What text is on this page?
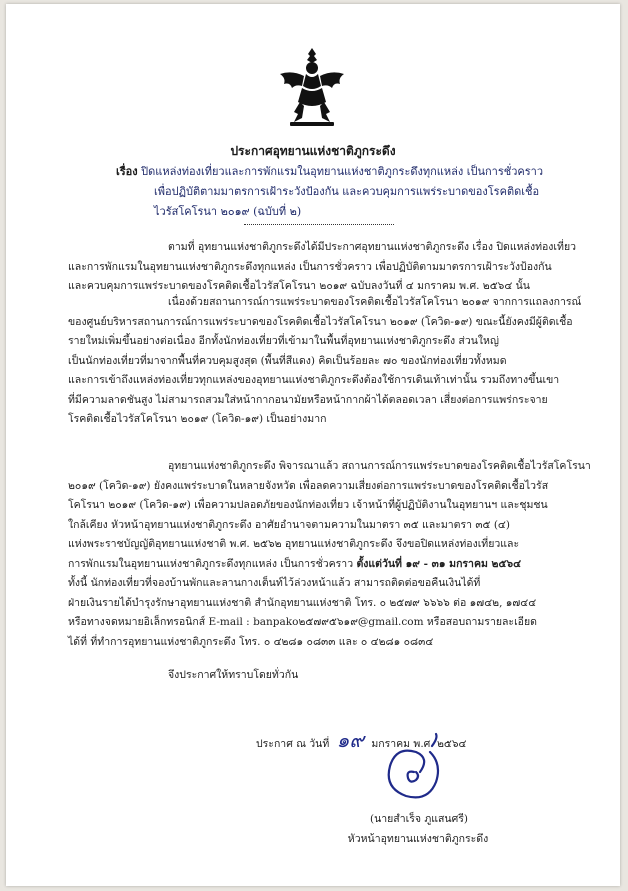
ประกาศอุทยานแห่งชาติภูกระดึง
เรื่อง ปิดแหล่งท่องเที่ยวและการพักแรมในอุทยานแห่งชาติภูกระดึงทุกแหล่ง เป็นการชั่วคราว
เพื่อปฏิบัติตามมาตรการเฝ้าระวังป้องกัน และควบคุมการแพร่ระบาดของโรคติดเชื้อ
ไวรัสโคโรนา ๒๐๑๙ (ฉบับที่ ๒)
ตามที่ อุทยานแห่งชาติภูกระดึงได้มีประกาศอุทยานแห่งชาติภูกระดึง เรื่อง ปิดแหล่งท่องเที่ยว
และการพักแรมในอุทยานแห่งชาติภูกระดึงทุกแหล่ง เป็นการชั่วคราว เพื่อปฏิบัติตามมาตรการเฝ้าระวังป้องกัน
และควบคุมการแพร่ระบาดของโรคติดเชื้อไวรัสโคโรนา ๒๐๑๙ ฉบับลงวันที่ ๔ มกราคม พ.ศ. ๒๕๖๔ นั้น
เนื่องด้วยสถานการณ์การแพร่ระบาดของโรคติดเชื้อไวรัสโคโรนา ๒๐๑๙ จากการแถลงการณ์
ของศูนย์บริหารสถานการณ์การแพร่ระบาดของโรคติดเชื้อไวรัสโคโรนา ๒๐๑๙ (โควิด-๑๙) ขณะนี้ยังคงมีผู้ติดเชื้อ
รายใหม่เพิ่มขึ้นอย่างต่อเนื่อง อีกทั้งนักท่องเที่ยวที่เข้ามาในพื้นที่อุทยานแห่งชาติภูกระดึง ส่วนใหญ่
เป็นนักท่องเที่ยวที่มาจากพื้นที่ควบคุมสูงสุด (พื้นที่สีแดง) คิดเป็นร้อยละ ๗๐ ของนักท่องเที่ยวทั้งหมด
และการเข้าถึงแหล่งท่องเที่ยวทุกแหล่งของอุทยานแห่งชาติภูกระดึงต้องใช้การเดินเท้าเท่านั้น รวมถึงทางขึ้นเขา
ที่มีความลาดชันสูง ไม่สามารถสวมใส่หน้ากากอนามัยหรือหน้ากากผ้าได้ตลอดเวลา เสี่ยงต่อการแพร่กระจาย
โรคติดเชื้อไวรัสโคโรนา ๒๐๑๙ (โควิด-๑๙) เป็นอย่างมาก
อุทยานแห่งชาติภูกระดึง พิจารณาแล้ว สถานการณ์การแพร่ระบาดของโรคติดเชื้อไวรัสโคโรนา
๒๐๑๙ (โควิด-๑๙) ยังคงแพร่ระบาดในหลายจังหวัด เพื่อลดความเสี่ยงต่อการแพร่ระบาดของโรคติดเชื้อไวรัส
โคโรนา ๒๐๑๙ (โควิด-๑๙) เพื่อความปลอดภัยของนักท่องเที่ยว เจ้าหน้าที่ผู้ปฏิบัติงานในอุทยานฯ และชุมชน
ใกล้เคียง หัวหน้าอุทยานแห่งชาติภูกระดึง อาศัยอำนาจตามความในมาตรา ๓๕ และมาตรา ๓๕ (๔)
แห่งพระราชบัญญัติอุทยานแห่งชาติ พ.ศ. ๒๕๖๒ อุทยานแห่งชาติภูกระดึง จึงขอปิดแหล่งท่องเที่ยวและ
การพักแรมในอุทยานแห่งชาติภูกระดึงทุกแหล่ง เป็นการชั่วคราว ตั้งแต่วันที่ ๑๙ - ๓๑ มกราคม ๒๕๖๔
ทั้งนี้ นักท่องเที่ยวที่จองบ้านพักและลานกางเต็นท์ไว้ล่วงหน้าแล้ว สามารถติดต่อขอคืนเงินได้ที่
ฝ่ายเงินรายได้บำรุงรักษาอุทยานแห่งชาติ สำนักอุทยานแห่งชาติ โทร. ๐ ๒๕๗๙ ๖๖๖๖ ต่อ ๑๗๔๒, ๑๗๔๔
หรือทางจดหมายอิเล็กทรอนิกส์ E-mail : banpako๒๕๗๙๕๖๑๙@gmail.com หรือสอบถามรายละเอียด
ได้ที่ ที่ทำการอุทยานแห่งชาติภูกระดึง โทร. ๐ ๔๒๘๑ ๐๘๓๓ และ ๐ ๔๒๘๑ ๐๘๓๔
จึงประกาศให้ทราบโดยทั่วกัน
ประกาศ ณ วันที่ ๑๙ มกราคม พ.ศ. ๒๕๖๔
(นายสำเร็จ ภูแสนศรี)
หัวหน้าอุทยานแห่งชาติภูกระดึง
